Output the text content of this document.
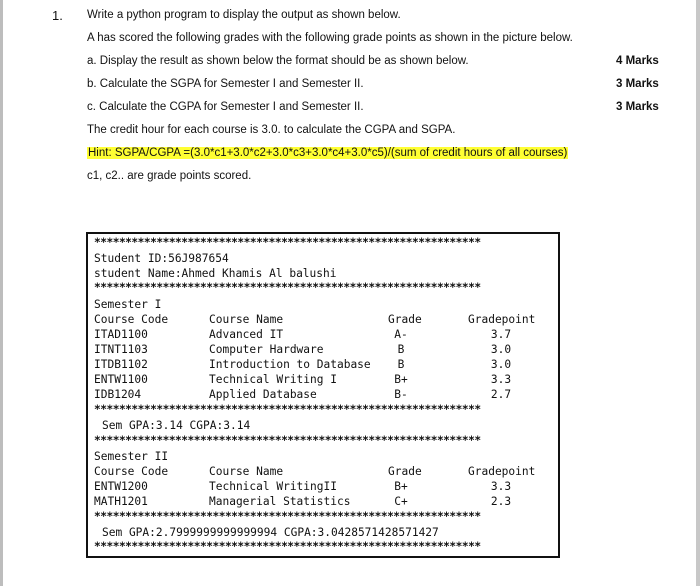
1. Write a python program to display the output as shown below.
A has scored the following grades with the following grade points as shown in the picture below.
a. Display the result as shown below the format should be as shown below.
b. Calculate the SGPA for Semester I and Semester II.
c. Calculate the CGPA for Semester I and Semester II.
The credit hour for each course is 3.0. to calculate the CGPA and SGPA.
Hint: SGPA/CGPA =(3.0*c1+3.0*c2+3.0*c3+3.0*c4+3.0*c5)/(sum of credit hours of all courses)
c1, c2.. are grade points scored.
4 Marks
3 Marks
3 Marks
**************************************************************
Student ID:56J987654
student Name:Ahmed Khamis Al balushi
**************************************************************
Semester I
Course Code	Course Name	Grade	Gradepoint
ITAD1100	Advanced IT	A-	3.7
ITNT1103	Computer Hardware	B	3.0
ITDB1102	Introduction to Database	B	3.0
ENTW1100	Technical Writing I	B+	3.3
IDB1204	Applied Database	B-	2.7
**************************************************************
Sem GPA:3.14 CGPA:3.14
**************************************************************
Semester II
Course Code	Course Name	Grade	Gradepoint
ENTW1200	Technical WritingII	B+	3.3
MATH1201	Managerial Statistics	C+	2.3
**************************************************************
Sem GPA:2.7999999999999994 CGPA:3.0428571428571427
**************************************************************
